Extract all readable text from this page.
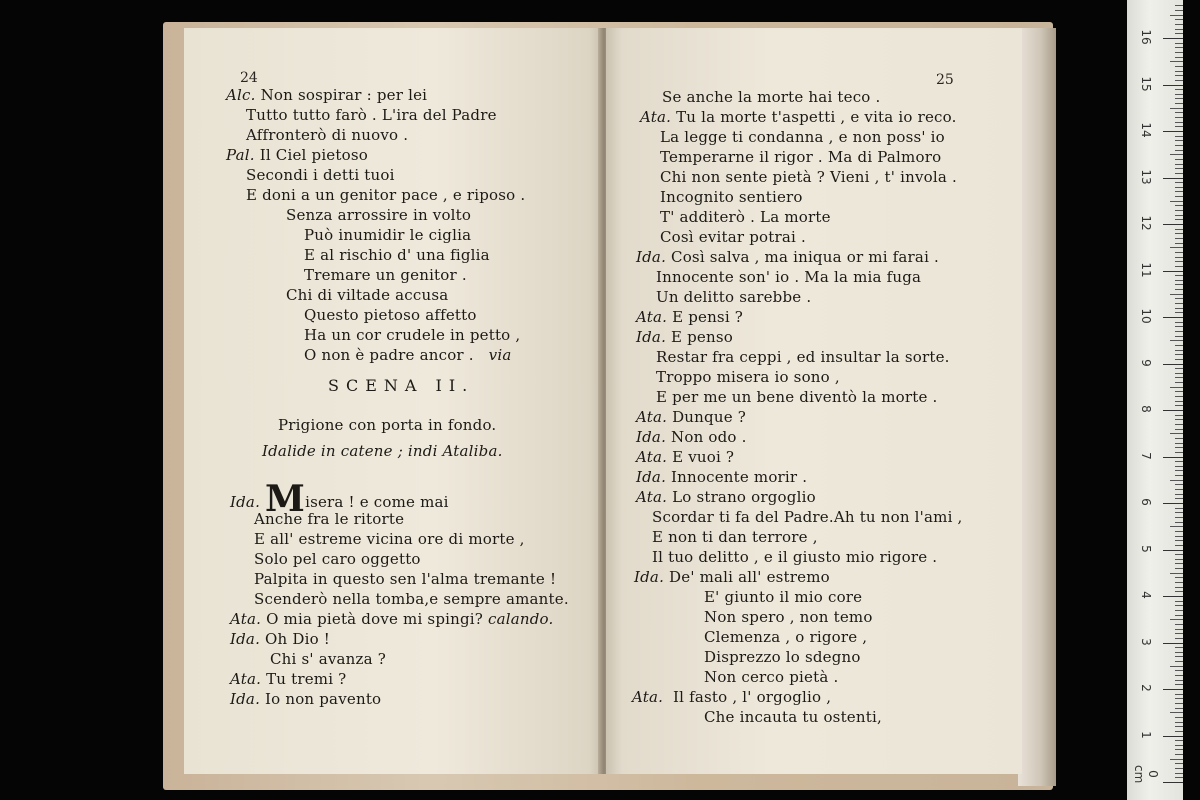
24
Alc. Non sospirar : per lei
Tutto tutto farò . L'ira del Padre
Affronterò di nuovo .
Pal. Il Ciel pietoso
Secondi i detti tuoi
E doni a un genitor pace , e riposo .
Senza arrossire in volto
Può inumidir le ciglia
E al rischio d' una figlia
Tremare un genitor .
Chi di viltade accusa
Questo pietoso affetto
Ha un cor crudele in petto ,
O non è padre ancor . via
SCENA II.
Prigione con porta in fondo.
Idalide in catene ; indi Ataliba.
Ida. Misera ! e come mai
Anche fra le ritorte
E all' estreme vicina ore di morte ,
Solo pel caro oggetto
Palpita in questo sen l'alma tremante !
Scenderò nella tomba,e sempre amante.
Ata. O mia pietà dove mi spingi? calando.
Ida. Oh Dio !
Chi s' avanza ?
Ata. Tu tremi ?
Ida. Io non pavento
25
Se anche la morte hai teco .
Ata. Tu la morte t'aspetti , e vita io reco.
La legge ti condanna , e non poss' io
Temperarne il rigor . Ma di Palmoro
Chi non sente pietà ? Vieni , t' invola .
Incognito sentiero
T' additerò . La morte
Così evitar potrai .
Ida. Così salva , ma iniqua or mi farai .
Innocente son' io . Ma la mia fuga
Un delitto sarebbe .
Ata. E pensi ?
Ida. E penso
Restar fra ceppi , ed insultar la sorte.
Troppo misera io sono ,
E per me un bene diventò la morte .
Ata. Dunque ?
Ida. Non odo .
Ata. E vuoi ?
Ida. Innocente morir .
Ata. Lo strano orgoglio
Scordar ti fa del Padre.Ah tu non l'ami ,
E non ti dan terrore ,
Il tuo delitto , e il giusto mio rigore .
Ida. De' mali all' estremo
E' giunto il mio core
Non spero , non temo
Clemenza , o rigore ,
Disprezzo lo sdegno
Non cerco pietà .
Ata. Il fasto , l' orgoglio ,
Che incauta tu ostenti,
0 cm
1
2
3
4
5
6
7
8
9
10
11
12
13
14
15
16
